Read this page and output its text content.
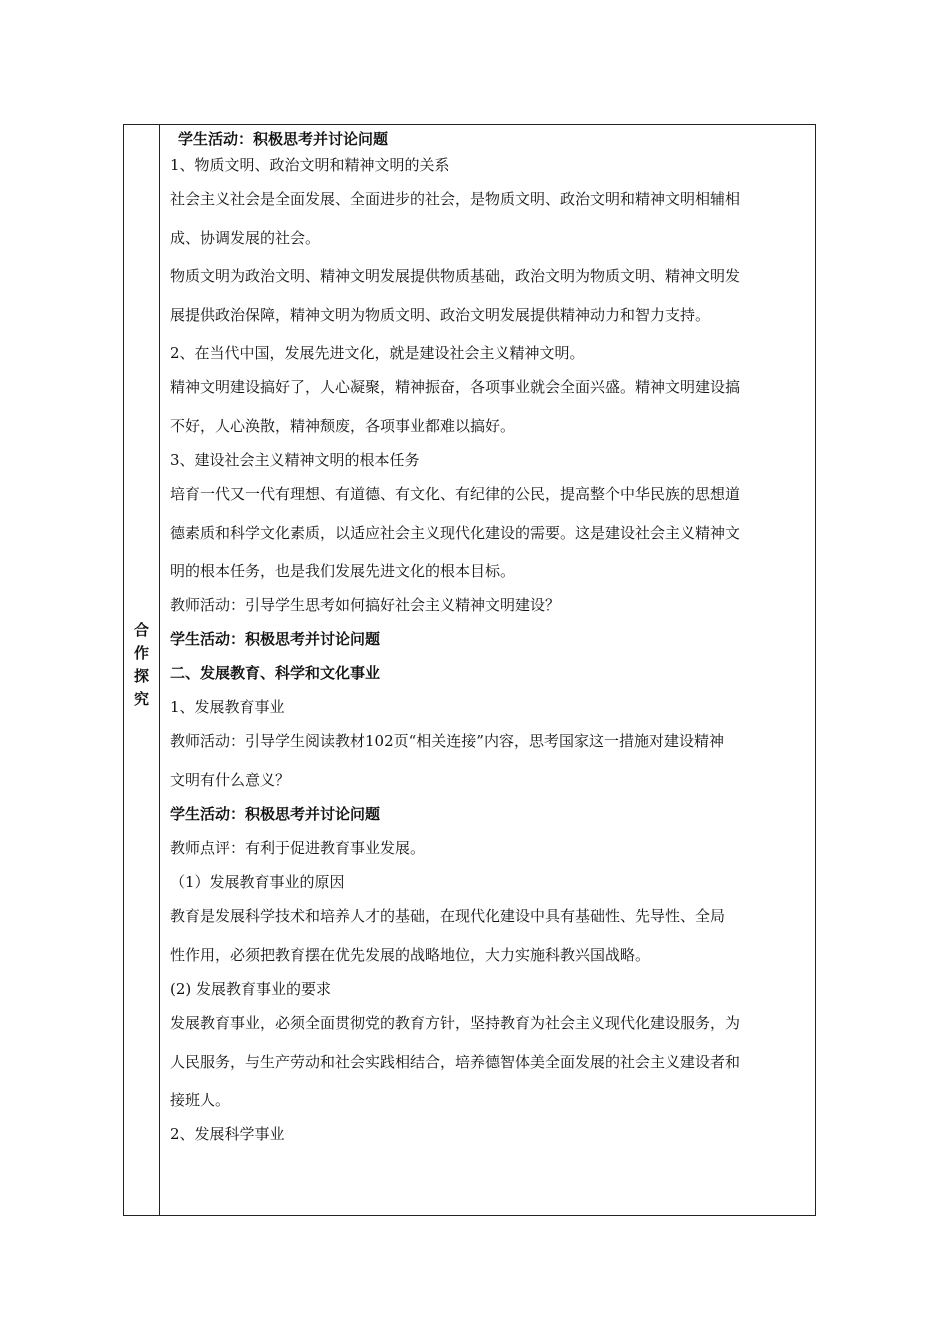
合作探究
学生活动：积极思考并讨论问题
1、物质文明、政治文明和精神文明的关系
社会主义社会是全面发展、全面进步的社会，是物质文明、政治文明和精神文明相辅相
成、协调发展的社会。
物质文明为政治文明、精神文明发展提供物质基础，政治文明为物质文明、精神文明发
展提供政治保障，精神文明为物质文明、政治文明发展提供精神动力和智力支持。
2、在当代中国，发展先进文化，就是建设社会主义精神文明。
精神文明建设搞好了，人心凝聚，精神振奋，各项事业就会全面兴盛。精神文明建设搞
不好，人心涣散，精神颓废，各项事业都难以搞好。
3、建设社会主义精神文明的根本任务
培育一代又一代有理想、有道德、有文化、有纪律的公民，提高整个中华民族的思想道
德素质和科学文化素质，以适应社会主义现代化建设的需要。这是建设社会主义精神文
明的根本任务，也是我们发展先进文化的根本目标。
教师活动：引导学生思考如何搞好社会主义精神文明建设？
学生活动：积极思考并讨论问题
二、发展教育、科学和文化事业
1、发展教育事业
教师活动：引导学生阅读教材102页“相关连接”内容，思考国家这一措施对建设精神
文明有什么意义？
学生活动：积极思考并讨论问题
教师点评：有利于促进教育事业发展。
（1）发展教育事业的原因
教育是发展科学技术和培养人才的基础，在现代化建设中具有基础性、先导性、全局
性作用，必须把教育摆在优先发展的战略地位，大力实施科教兴国战略。
(2) 发展教育事业的要求
发展教育事业，必须全面贯彻党的教育方针，坚持教育为社会主义现代化建设服务，为
人民服务，与生产劳动和社会实践相结合，培养德智体美全面发展的社会主义建设者和
接班人。
2、发展科学事业
